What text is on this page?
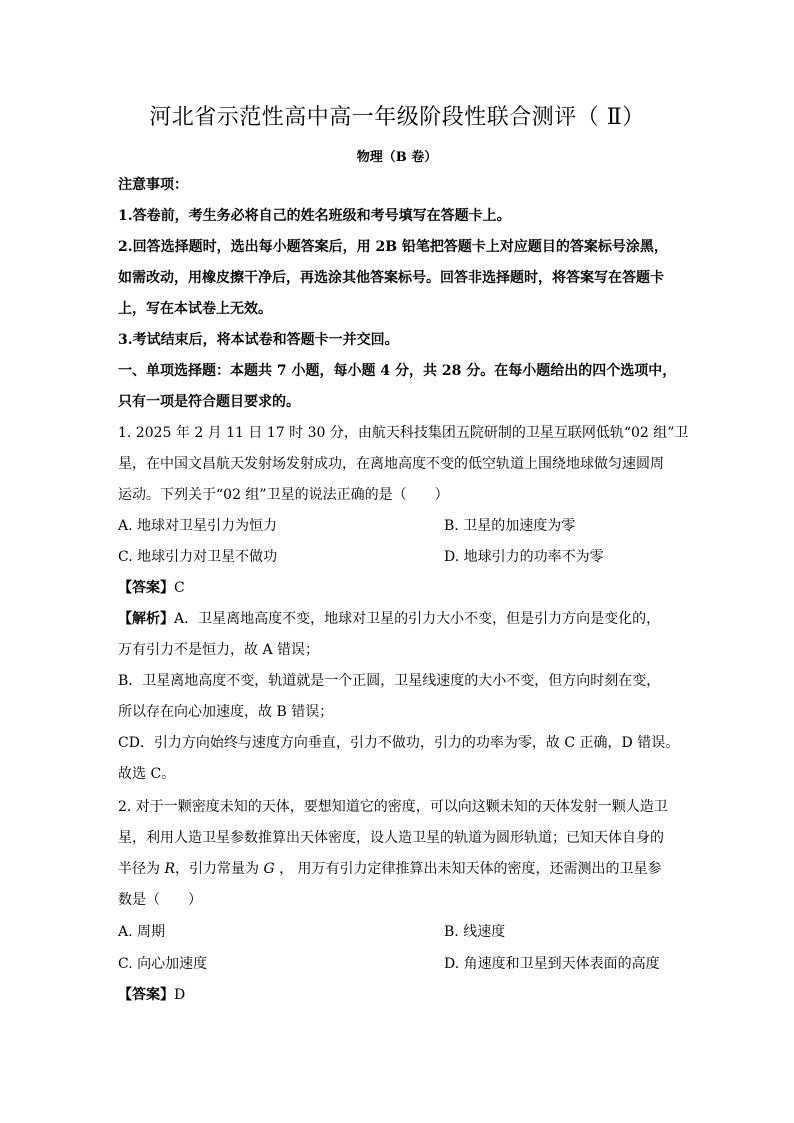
河北省示范性高中高一年级阶段性联合测评（ Ⅱ）
物理（B 卷）
注意事项：
1.答卷前，考生务必将自己的姓名班级和考号填写在答题卡上。
2.回答选择题时，选出每小题答案后，用 2B 铅笔把答题卡上对应题目的答案标号涂黑，
如需改动，用橡皮擦干净后，再选涂其他答案标号。回答非选择题时，将答案写在答题卡
上，写在本试卷上无效。
3.考试结束后，将本试卷和答题卡一并交回。
一、单项选择题：本题共 7 小题，每小题 4 分，共 28 分。在每小题给出的四个选项中，
只有一项是符合题目要求的。
1. 2025 年 2 月 11 日 17 时 30 分，由航天科技集团五院研制的卫星互联网低轨“02 组”卫
星，在中国文昌航天发射场发射成功，在离地高度不变的低空轨道上围绕地球做匀速圆周
运动。下列关于“02 组”卫星的说法正确的是（　　）
A. 地球对卫星引力为恒力	B. 卫星的加速度为零
C. 地球引力对卫星不做功	D. 地球引力的功率不为零
【答案】C
【解析】A．卫星离地高度不变，地球对卫星的引力大小不变，但是引力方向是变化的，
万有引力不是恒力，故 A 错误；
B．卫星离地高度不变，轨道就是一个正圆，卫星线速度的大小不变，但方向时刻在变，
所以存在向心加速度，故 B 错误；
CD．引力方向始终与速度方向垂直，引力不做功，引力的功率为零，故 C 正确，D 错误。
故选 C。
2. 对于一颗密度未知的天体，要想知道它的密度，可以向这颗未知的天体发射一颗人造卫
星，利用人造卫星参数推算出天体密度，设人造卫星的轨道为圆形轨道；已知天体自身的
半径为 R，引力常量为 G ， 用万有引力定律推算出未知天体的密度，还需测出的卫星参
数是（　　）
A. 周期	B. 线速度
C. 向心加速度	D. 角速度和卫星到天体表面的高度
【答案】D
